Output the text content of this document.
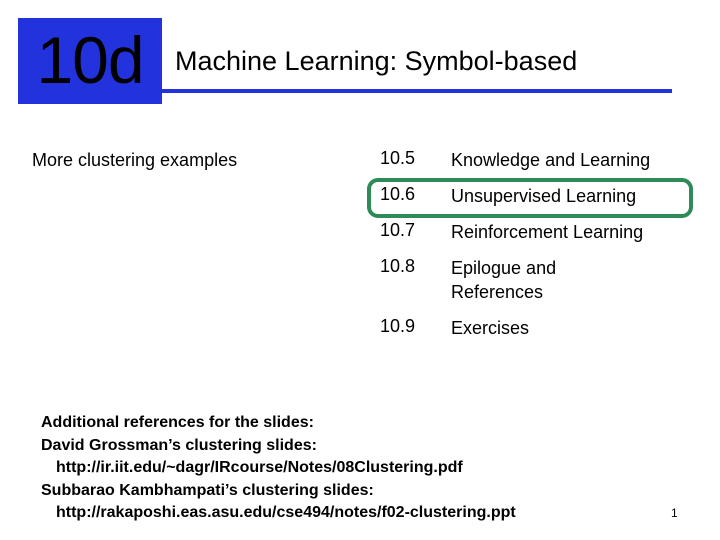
10d	Machine Learning: Symbol-based
More clustering examples	10.5 Knowledge and Learning
10.6 Unsupervised Learning
10.7 Reinforcement Learning
10.8 Epilogue and References
10.9 Exercises
Additional references for the slides:
David Grossman’s clustering slides:
http://ir.iit.edu/~dagr/IRcourse/Notes/08Clustering.pdf
Subbarao Kambhampati’s clustering slides:
http://rakaposhi.eas.asu.edu/cse494/notes/f02-clustering.ppt	1
